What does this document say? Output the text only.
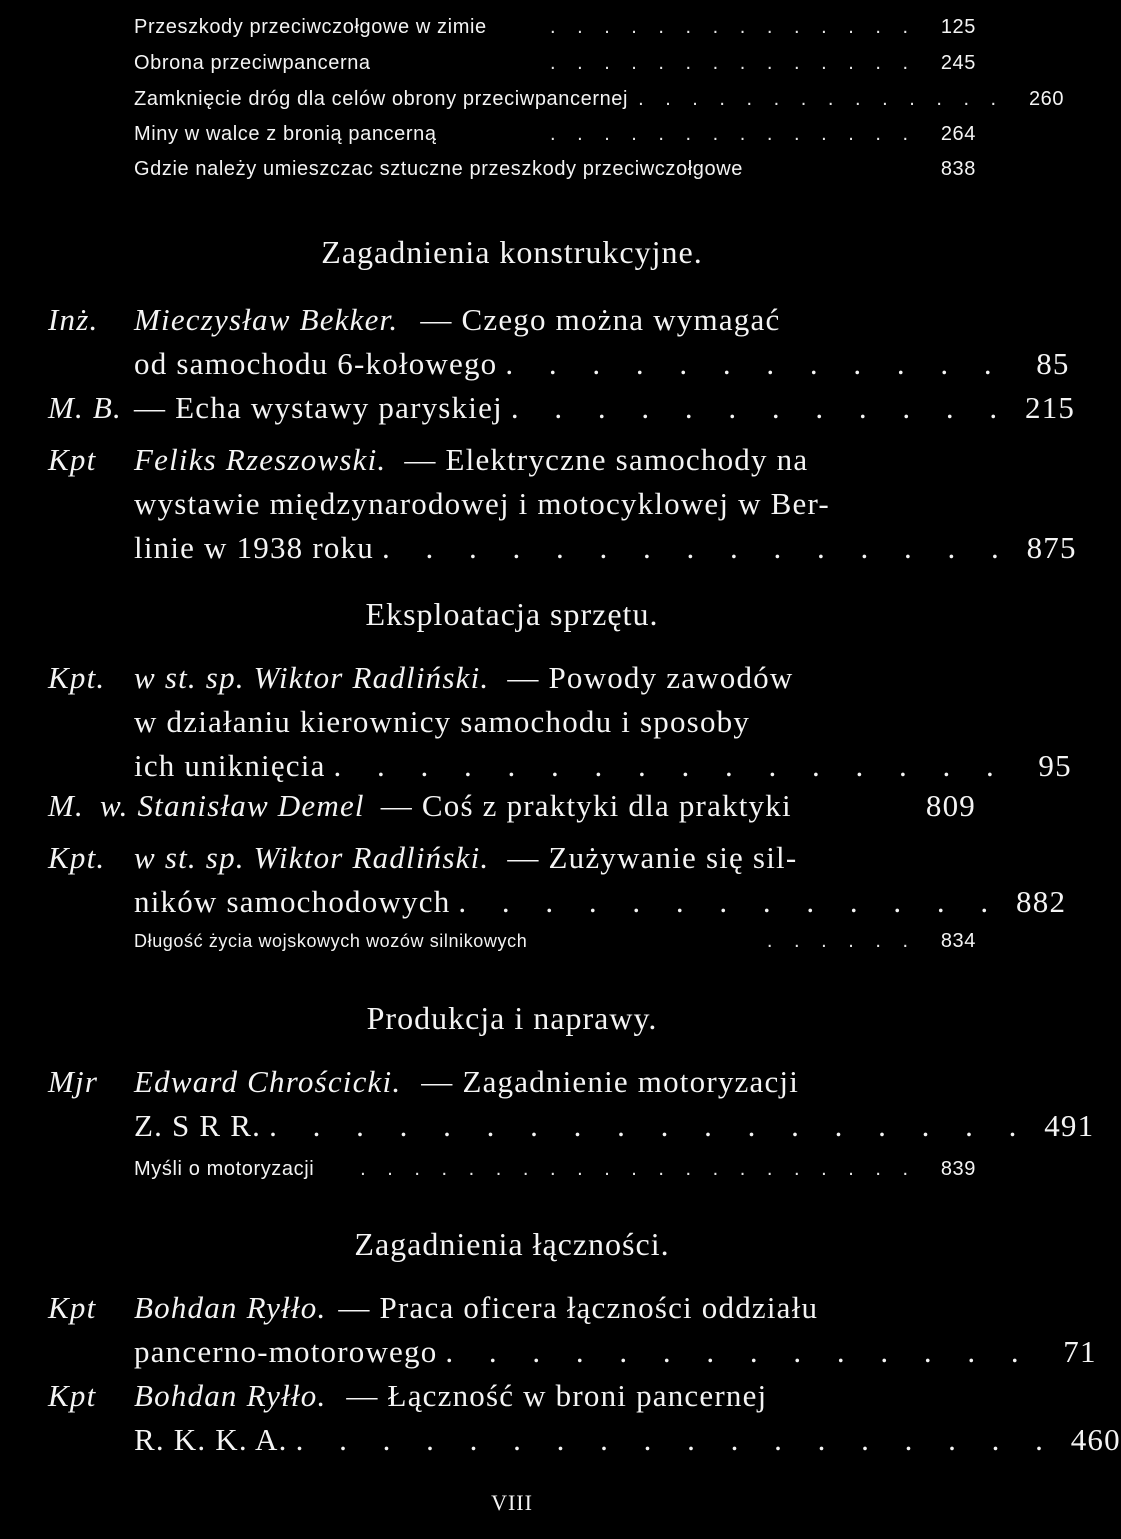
Przeszkody przeciwczołgowe w zimie	. . . . . . . . . . . . . .	125
Obrona przeciwpancerna	. . . . . . . . . . . . . .	245
Zamknięcie dróg dla celów obrony przeciwpancernej . . . . . . . . . . . . . .	260
Miny w walce z bronią pancerną	. . . . . . . . . . . . . .	264
Gdzie należy umieszczac sztuczne przeszkody przeciwczołgowe	838
Zagadnienia konstrukcyjne.
Inż. Mieczysław Bekker. — Czego można wymagać
od samochodu 6-kołowego . . . . . . . . . . . . 85
M. B. — Echa wystawy paryskiej . . . . . . . . . . . . 215
Kpt Feliks Rzeszowski. — Elektryczne samochody na
wystawie międzynarodowej i motocyklowej w Ber-
linie w 1938 roku . . . . . . . . . . . . . . . 875
Eksploatacja sprzętu.
Kpt. w st. sp. Wiktor Radliński. — Powody zawodów
w działaniu kierownicy samochodu i sposoby
ich uniknięcia . . . . . . . . . . . . . . . . 95
M. w. Stanisław Demel — Coś z praktyki dla praktyki	809
Kpt. w st. sp. Wiktor Radliński. — Zużywanie się sil-
ników samochodowych . . . . . . . . . . . . . 882
Długość życia wojskowych wozów silnikowych	. . . . . .	834
Produkcja i naprawy.
Mjr Edward Chrościcki. — Zagadnienie motoryzacji
Z. S R R. . . . . . . . . . . . . . . . . . . 491
Myśli o motoryzacji	. . . . . . . . . . . . . . . . . . . . .	839
Zagadnienia łączności.
Kpt Bohdan Ryłło. — Praca oficera łączności oddziału
pancerno-motorowego . . . . . . . . . . . . . . 71
Kpt Bohdan Ryłło. — Łączność w broni pancernej
R. K. K. A. . . . . . . . . . . . . . . . . . . 460
VIII
